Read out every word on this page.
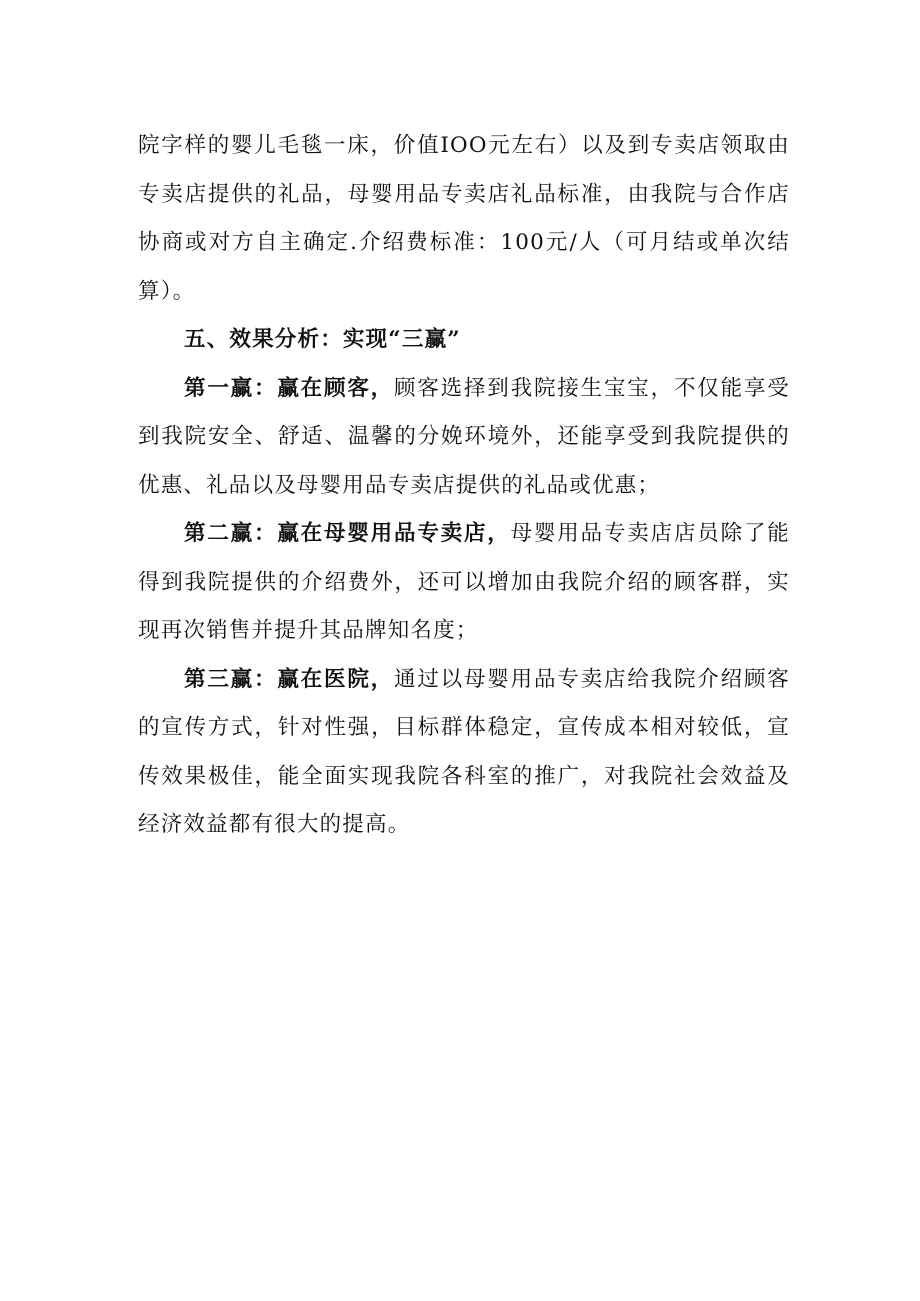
院字样的婴儿毛毯一床，价值IOO元左右）以及到专卖店领取由专卖店提供的礼品，母婴用品专卖店礼品标准，由我院与合作店协商或对方自主确定.介绍费标准：100元/人（可月结或单次结算）。

五、效果分析：实现“三赢”

第一赢：赢在顾客，顾客选择到我院接生宝宝，不仅能享受到我院安全、舒适、温馨的分娩环境外，还能享受到我院提供的优惠、礼品以及母婴用品专卖店提供的礼品或优惠；

第二赢：赢在母婴用品专卖店，母婴用品专卖店店员除了能得到我院提供的介绍费外，还可以增加由我院介绍的顾客群，实现再次销售并提升其品牌知名度；

第三赢：赢在医院，通过以母婴用品专卖店给我院介绍顾客的宣传方式，针对性强，目标群体稳定，宣传成本相对较低，宣传效果极佳，能全面实现我院各科室的推广，对我院社会效益及经济效益都有很大的提高。
